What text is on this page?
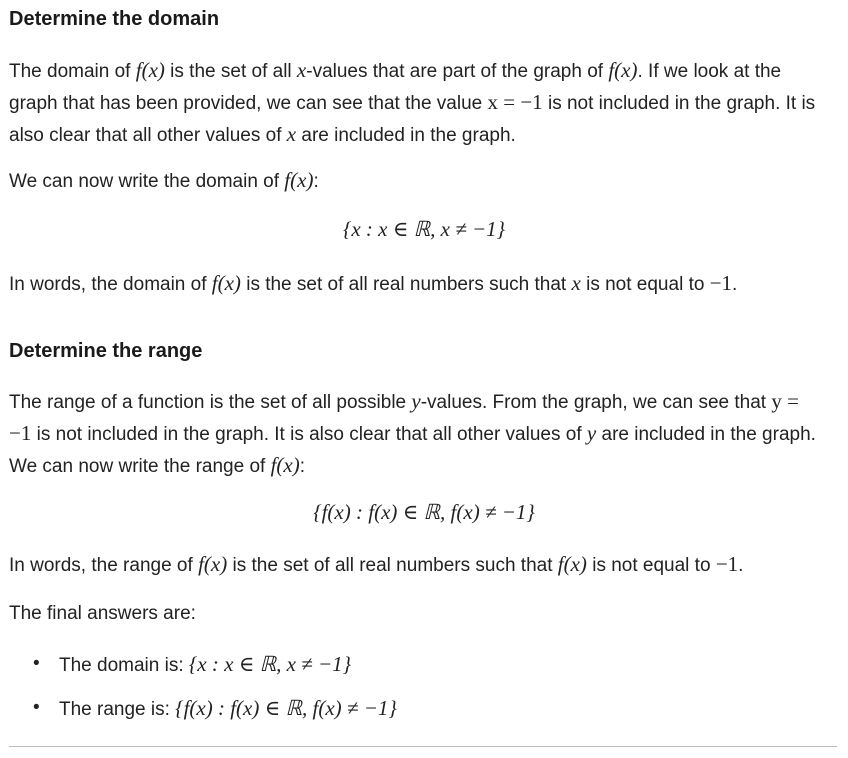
Determine the domain

The domain of f(x) is the set of all x-values that are part of the graph of f(x). If we look at the graph that has been provided, we can see that the value x = −1 is not included in the graph. It is also clear that all other values of x are included in the graph.

We can now write the domain of f(x):

{x : x ∈ ℝ, x ≠ −1}

In words, the domain of f(x) is the set of all real numbers such that x is not equal to −1.

Determine the range

The range of a function is the set of all possible y-values. From the graph, we can see that y = −1 is not included in the graph. It is also clear that all other values of y are included in the graph. We can now write the range of f(x):

{f(x) : f(x) ∈ ℝ, f(x) ≠ −1}

In words, the range of f(x) is the set of all real numbers such that f(x) is not equal to −1.

The final answers are:

• The domain is: {x : x ∈ ℝ, x ≠ −1}
• The range is: {f(x) : f(x) ∈ ℝ, f(x) ≠ −1}
